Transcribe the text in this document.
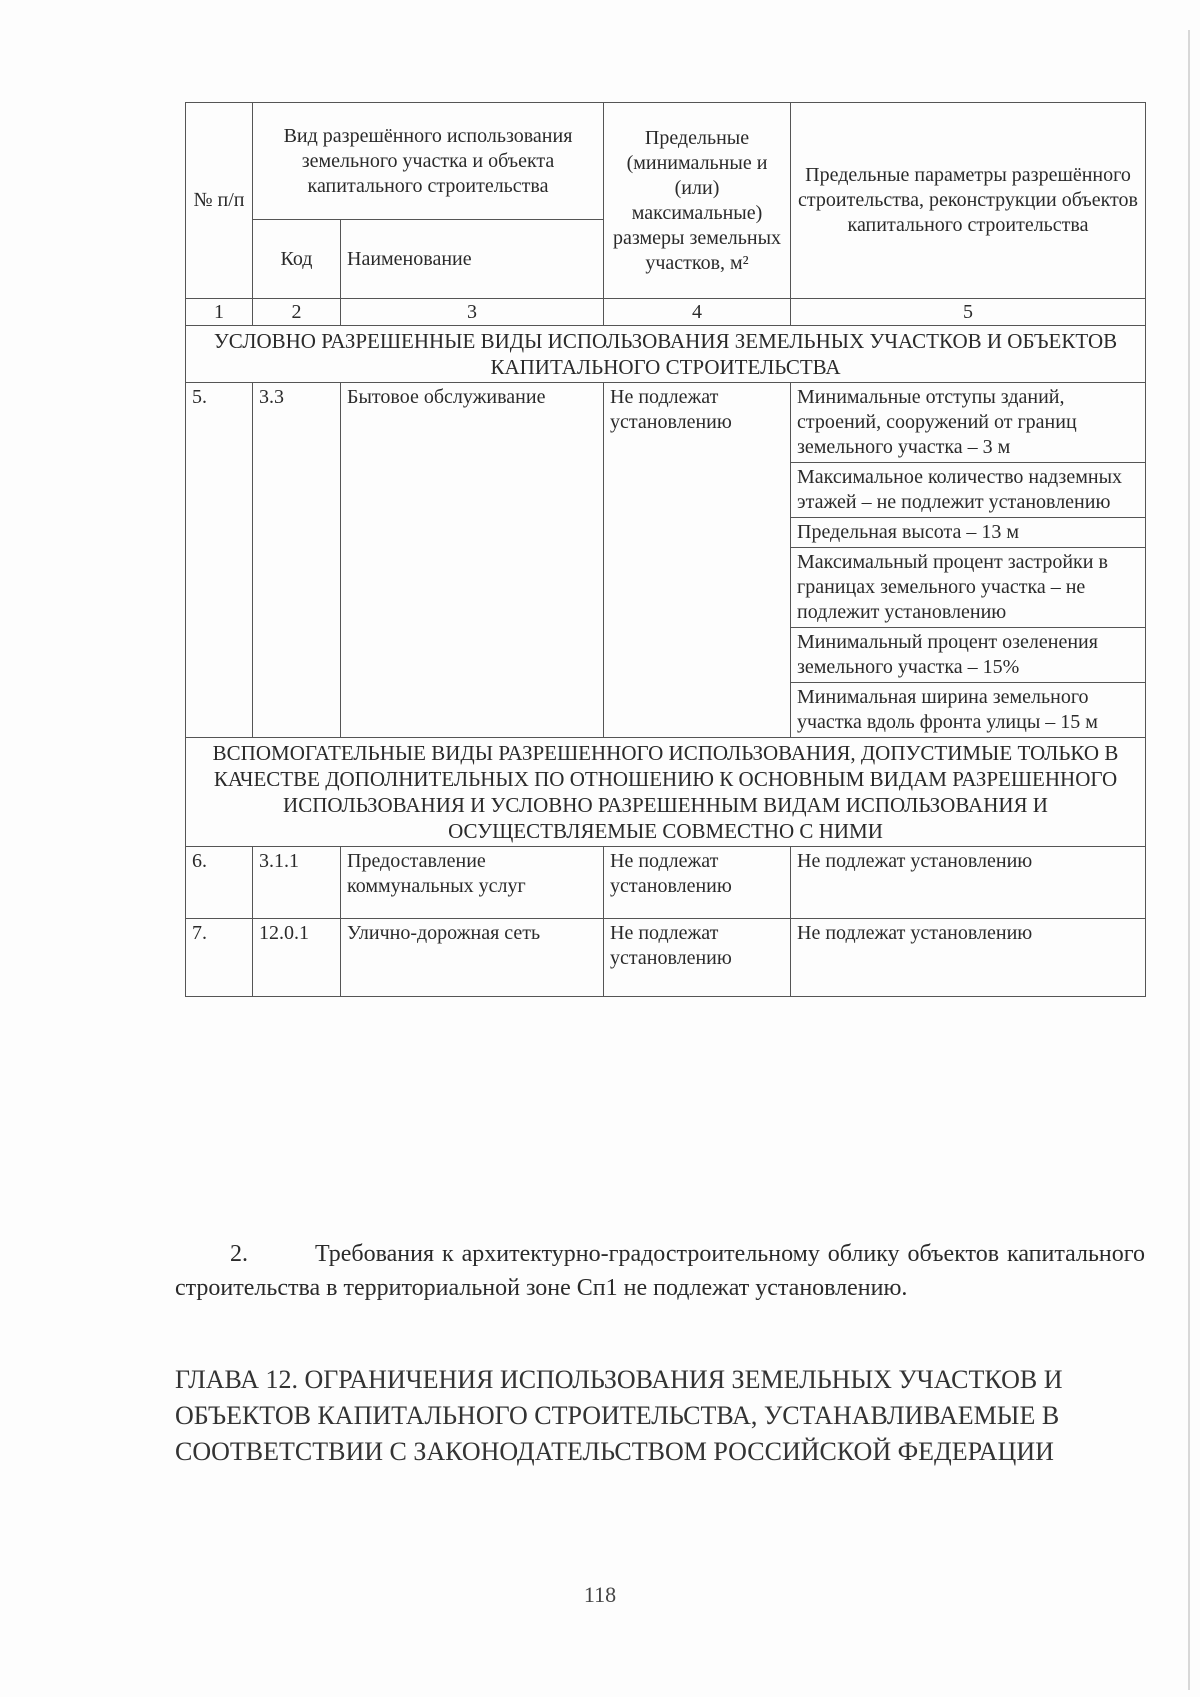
№ п/п	Вид разрешённого использования земельного участка и объекта капитального строительства		Предельные (минимальные и (или) максимальные) размеры земельных участков, м²	Предельные параметры разрешённого строительства, реконструкции объектов капитального строительства
	Код	Наименование		
1	2	3	4	5
УСЛОВНО РАЗРЕШЕННЫЕ ВИДЫ ИСПОЛЬЗОВАНИЯ ЗЕМЕЛЬНЫХ УЧАСТКОВ И ОБЪЕКТОВ КАПИТАЛЬНОГО СТРОИТЕЛЬСТВА				
5.	3.3	Бытовое обслуживание	Не подлежат установлению	Минимальные отступы зданий, строений, сооружений от границ земельного участка – 3 м
				Максимальное количество надземных этажей – не подлежит установлению
				Предельная высота – 13 м
				Максимальный процент застройки в границах земельного участка – не подлежит установлению
				Минимальный процент озеленения земельного участка – 15%
				Минимальная ширина земельного участка вдоль фронта улицы – 15 м
ВСПОМОГАТЕЛЬНЫЕ ВИДЫ РАЗРЕШЕННОГО ИСПОЛЬЗОВАНИЯ, ДОПУСТИМЫЕ ТОЛЬКО В КАЧЕСТВЕ ДОПОЛНИТЕЛЬНЫХ ПО ОТНОШЕНИЮ К ОСНОВНЫМ ВИДАМ РАЗРЕШЕННОГО ИСПОЛЬЗОВАНИЯ И УСЛОВНО РАЗРЕШЕННЫМ ВИДАМ ИСПОЛЬЗОВАНИЯ И ОСУЩЕСТВЛЯЕМЫЕ СОВМЕСТНО С НИМИ				
6.	3.1.1	Предоставление коммунальных услуг	Не подлежат установлению	Не подлежат установлению
7.	12.0.1	Улично-дорожная сеть	Не подлежат установлению	Не подлежат установлению
2.	Требования к архитектурно-градостроительному облику объектов капитального строительства в территориальной зоне Сп1 не подлежат установлению.
ГЛАВА 12. ОГРАНИЧЕНИЯ ИСПОЛЬЗОВАНИЯ ЗЕМЕЛЬНЫХ УЧАСТКОВ И ОБЪЕКТОВ КАПИТАЛЬНОГО СТРОИТЕЛЬСТВА, УСТАНАВЛИВАЕМЫЕ В СООТВЕТСТВИИ С ЗАКОНОДАТЕЛЬСТВОМ РОССИЙСКОЙ ФЕДЕРАЦИИ
118
